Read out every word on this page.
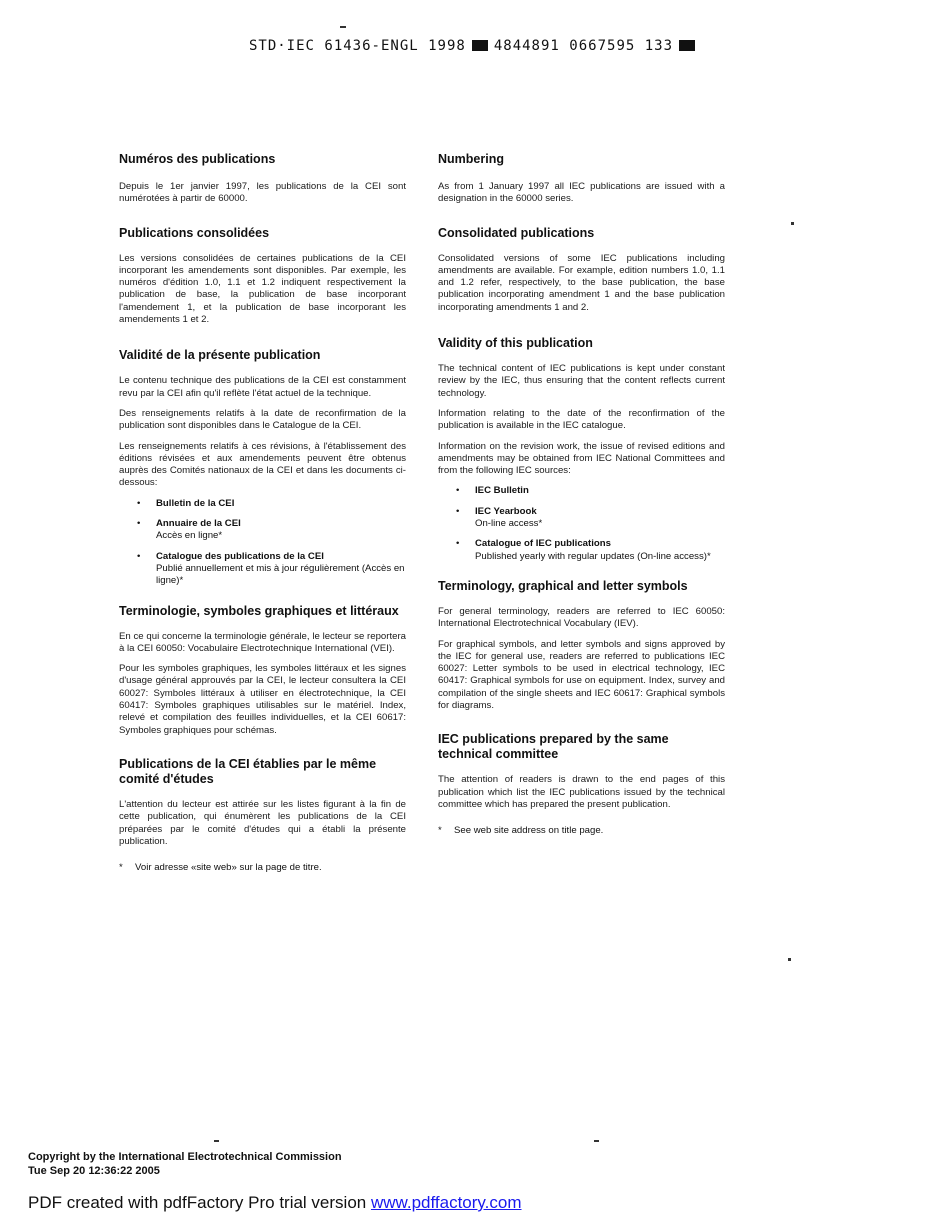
STD·IEC 61436-ENGL 1998 4844891 0667595 133
Numéros des publications

Depuis le 1er janvier 1997, les publications de la CEI sont numérotées à partir de 60000.

Publications consolidées

Les versions consolidées de certaines publications de la CEI incorporant les amendements sont disponibles. Par exemple, les numéros d'édition 1.0, 1.1 et 1.2 indiquent respectivement la publication de base, la publication de base incorporant l'amendement 1, et la publication de base incorporant les amendements 1 et 2.

Validité de la présente publication

Le contenu technique des publications de la CEI est constamment revu par la CEI afin qu'il reflète l'état actuel de la technique.

Des renseignements relatifs à la date de reconfirmation de la publication sont disponibles dans le Catalogue de la CEI.

Les renseignements relatifs à ces révisions, à l'établissement des éditions révisées et aux amendements peuvent être obtenus auprès des Comités nationaux de la CEI et dans les documents ci-dessous:

• Bulletin de la CEI
• Annuaire de la CEI
Accès en ligne*
• Catalogue des publications de la CEI
Publié annuellement et mis à jour régulièrement (Accès en ligne)*
Terminologie, symboles graphiques et littéraux

En ce qui concerne la terminologie générale, le lecteur se reportera à la CEI 60050: Vocabulaire Electrotechnique International (VEI).

Pour les symboles graphiques, les symboles littéraux et les signes d'usage général approuvés par la CEI, le lecteur consultera la CEI 60027: Symboles littéraux à utiliser en électrotechnique, la CEI 60417: Symboles graphiques utilisables sur le matériel. Index, relevé et compilation des feuilles individuelles, et la CEI 60617: Symboles graphiques pour schémas.

Publications de la CEI établies par le même comité d'études

L'attention du lecteur est attirée sur les listes figurant à la fin de cette publication, qui énumèrent les publications de la CEI préparées par le comité d'études qui a établi la présente publication.

* Voir adresse «site web» sur la page de titre.
Numbering

As from 1 January 1997 all IEC publications are issued with a designation in the 60000 series.

Consolidated publications

Consolidated versions of some IEC publications including amendments are available. For example, edition numbers 1.0, 1.1 and 1.2 refer, respectively, to the base publication, the base publication incorporating amendment 1 and the base publication incorporating amendments 1 and 2.

Validity of this publication

The technical content of IEC publications is kept under constant review by the IEC, thus ensuring that the content reflects current technology.

Information relating to the date of the reconfirmation of the publication is available in the IEC catalogue.

Information on the revision work, the issue of revised editions and amendments may be obtained from IEC National Committees and from the following IEC sources:

• IEC Bulletin
• IEC Yearbook
On-line access*
• Catalogue of IEC publications
Published yearly with regular updates (On-line access)*
Terminology, graphical and letter symbols

For general terminology, readers are referred to IEC 60050: International Electrotechnical Vocabulary (IEV).

For graphical symbols, and letter symbols and signs approved by the IEC for general use, readers are referred to publications IEC 60027: Letter symbols to be used in electrical technology, IEC 60417: Graphical symbols for use on equipment. Index, survey and compilation of the single sheets and IEC 60617: Graphical symbols for diagrams.

IEC publications prepared by the same technical committee

The attention of readers is drawn to the end pages of this publication which list the IEC publications issued by the technical committee which has prepared the present publication.

* See web site address on title page.
Copyright by the International Electrotechnical Commission
Tue Sep 20 12:36:22 2005
PDF created with pdfFactory Pro trial version www.pdffactory.com
